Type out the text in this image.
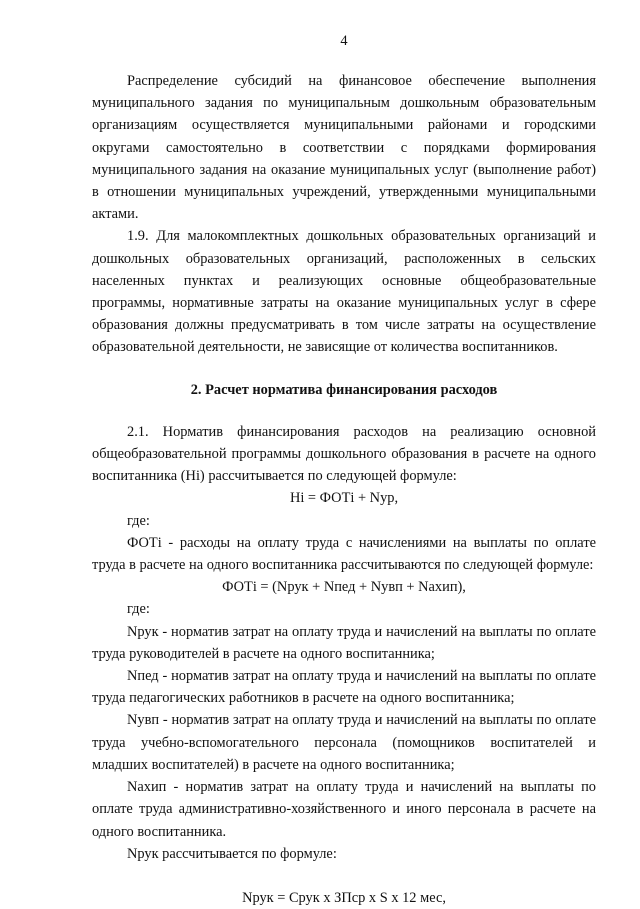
4

Распределение субсидий на финансовое обеспечение выполнения муниципального задания по муниципальным дошкольным образовательным организациям осуществляется муниципальными районами и городскими округами самостоятельно в соответствии с порядками формирования муниципального задания на оказание муниципальных услуг (выполнение работ) в отношении муниципальных учреждений, утвержденными муниципальными актами.

1.9. Для малокомплектных дошкольных образовательных организаций и дошкольных образовательных организаций, расположенных в сельских населенных пунктах и реализующих основные общеобразовательные программы, нормативные затраты на оказание муниципальных услуг в сфере образования должны предусматривать в том числе затраты на осуществление образовательной деятельности, не зависящие от количества воспитанников.

2. Расчет норматива финансирования расходов

2.1. Норматив финансирования расходов на реализацию основной общеобразовательной программы дошкольного образования в расчете на одного воспитанника (Hi) рассчитывается по следующей формуле:

Hi = ФОТi + Nур,

где:

ФОТi - расходы на оплату труда с начислениями на выплаты по оплате труда в расчете на одного воспитанника рассчитываются по следующей формуле:

ФОТi = (Nрук + Nпед + Nувп + Nахип),

где:

Nрук - норматив затрат на оплату труда и начислений на выплаты по оплате труда руководителей в расчете на одного воспитанника;

Nпед - норматив затрат на оплату труда и начислений на выплаты по оплате труда педагогических работников в расчете на одного воспитанника;

Nувп - норматив затрат на оплату труда и начислений на выплаты по оплате труда учебно-вспомогательного персонала (помощников воспитателей и младших воспитателей) в расчете на одного воспитанника;

Nахип - норматив затрат на оплату труда и начислений на выплаты по оплате труда административно-хозяйственного и иного персонала в расчете на одного воспитанника.

Nрук рассчитывается по формуле:

Nрук = Cрук x ЗПср x S x 12 мес,
